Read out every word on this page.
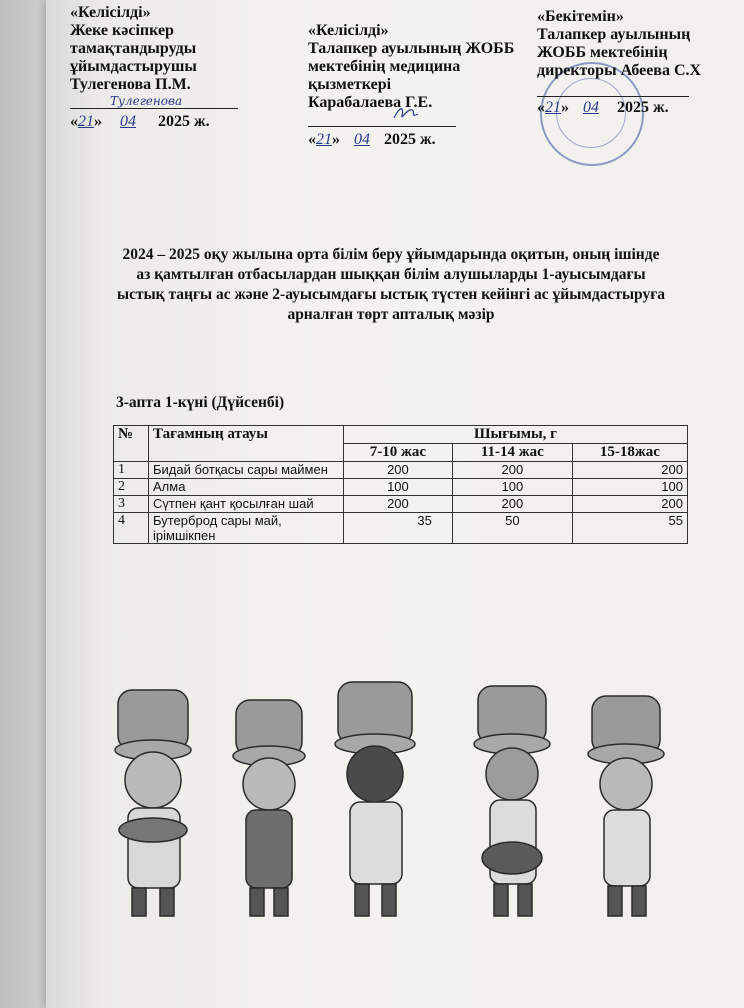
«Келісілді»
Жеке кәсіпкер
тамақтандыруды
ұйымдастырушы
Тулегенова П.М.
Тулегенова
«21» 04 2025 ж.
«Келісілді»
Талапкер ауылының ЖОББ
мектебінің медицина
қызметкері
Карабалаева Г.Е.
«21» 04 2025 ж.
«Бекітемін»
Талапкер ауылының
ЖОББ мектебінің
директоры Абеева С.Х
«21» 04 2025 ж.
2024 – 2025 оқу жылына орта білім беру ұйымдарында оқитын, оның ішінде
аз қамтылған отбасылардан шыққан білім алушыларды 1-ауысымдағы
ыстық таңғы ас және 2-ауысымдағы ыстық түстен кейінгі ас ұйымдастыруға
арналған төрт апталық мәзір
3-апта 1-күні (Дүйсенбі)
№	Тағамның атауы	Шығымы, г		
		7-10 жас	11-14 жас	15-18жас
1	Бидай ботқасы сары маймен	200	200	200
2	Алма	100	100	100
3	Сүтпен қант қосылған шай	200	200	200
4	Бутерброд сары май, ірімшікпен	35	50	55
